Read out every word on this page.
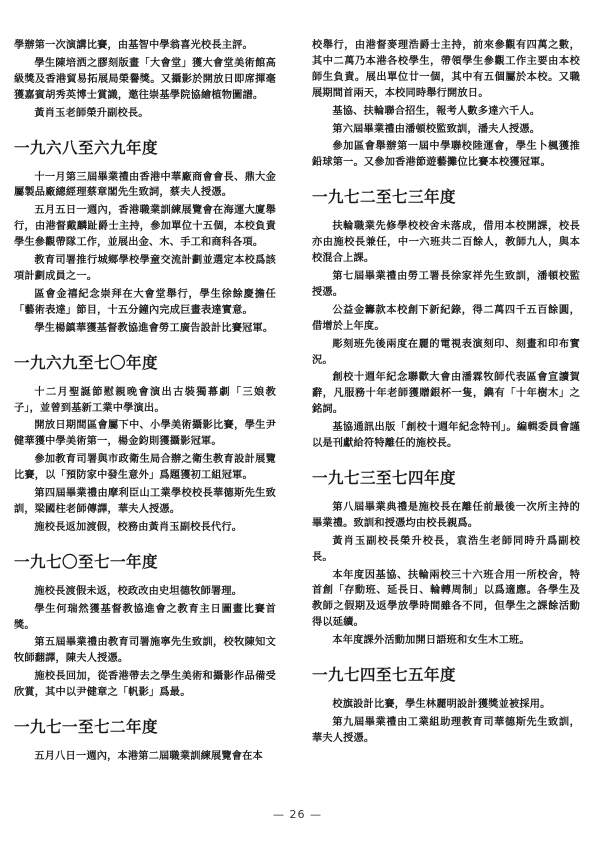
學辦第一次演講比賽，由基智中學翁喜光校長主評。
學生陳培洒之膠刻版畫「大會堂」獲大會堂美術館高級獎及香港貿易拓展局榮譽獎。又攝影於開放日即席揮毫獲嘉賓胡秀英博士賞識，邀往崇基學院協繪植物圖譜。
黃肖玉老師榮升副校長。
一九六八至六九年度
十一月第三屆畢業禮由香港中華廠商會會長、鼎大金屬製品廠總經理蔡章閣先生致詞，蔡夫人授憑。
五月五日一週內，香港職業訓練展覽會在海運大廈舉行，由港督戴麟趾爵士主持，參加單位十五個，本校負責學生參觀帶隊工作，並展出金、木、手工和商科各項。
教育司署推行城鄉學校學童交流計劃並選定本校爲該項計劃成員之一。
區會金禧紀念崇拜在大會堂舉行，學生徐餘慶擔任「藝術表達」節目，十五分鐘內完成巨畫表達實意。
學生楊鎮華獲基督教協進會勞工廣告設計比賽冠軍。
一九六九至七〇年度
十二月聖誕節慰親晚會演出古裝獨幕劇「三娘教子」，並曾到基新工業中學演出。
開放日期間區會屬下中、小學美術攝影比賽，學生尹健華獲中學美術第一，楊金鈞則獲攝影冠軍。
參加教育司署與市政衛生局合辦之衛生教育設計展覽比賽，以「預防家中發生意外」爲題獲初工組冠軍。
第四屆畢業禮由摩利臣山工業學校校長華德斯先生致訓，梁國柱老師傳譯，華夫人授憑。
施校長返加渡假，校務由黃肖玉副校長代行。
一九七〇至七一年度
施校長渡假未返，校政改由史坦德牧師署理。
學生何瑞然獲基督教協進會之教育主日圖畫比賽首獎。
第五屆畢業禮由教育司署施寧先生致訓，校牧陳知文牧師翻譯，陳夫人授憑。
施校長回加，從香港帶去之學生美術和攝影作品備受欣賞，其中以尹健章之「帆影」爲最。
一九七一至七二年度
五月八日一週內，本港第二屆職業訓練展覽會在本
校舉行，由港督麥理浩爵士主持，前來參觀有四萬之數，其中二萬乃本港各校學生，帶領學生參觀工作主要由本校師生負責。展出單位廿一個，其中有五個屬於本校。又職展期間首兩天，本校同時舉行開放日。
基協、扶輪聯合招生，報考人數多達六千人。
第六屆畢業禮由潘頓校監致訓，潘夫人授憑。
參加區會舉辦第一屆中學聯校陸運會，學生卜楓獲推鉛球第一。又參加香港節遊藝攤位比賽本校獲冠軍。
一九七二至七三年度
扶輪職業先修學校校舍未落成，借用本校開課，校長亦由施校長兼任，中一六班共二百餘人，教師九人，與本校混合上課。
第七屆畢業禮由勞工署長徐家祥先生致訓，潘頓校監授憑。
公益金籌款本校創下新紀錄，得二萬四千五百餘圓，借增於上年度。
彫刻班先後兩度在麗的電視表演刻印、刻畫和印布實況。
創校十週年紀念聯歡大會由潘霖牧師代表區會宣讀賀辭，凡服務十年老師獲贈銀杯一隻，鐫有「十年樹木」之銘詞。
基協通訊出版「創校十週年紀念特刊」。編輯委員會謹以是刊獻給符特離任的施校長。
一九七三至七四年度
第八屆畢業典禮是施校長在離任前最後一次所主持的畢業禮。致訓和授憑均由校長親爲。
黃肖玉副校長榮升校長，袁浩生老師同時升爲副校長。
本年度因基協、扶輪兩校三十六班合用一所校舍，特首創「存動班、延長日、輪轉周制」以爲適應。各學生及教師之假期及返學放學時間雖各不同，但學生之課餘活動得以延續。
本年度課外活動加開日語班和女生木工班。
一九七四至七五年度
校旗設計比賽，學生林麗明設計獲獎並被採用。
第九屆畢業禮由工業組助理教育司華德斯先生致訓，華夫人授憑。
— 26 —
